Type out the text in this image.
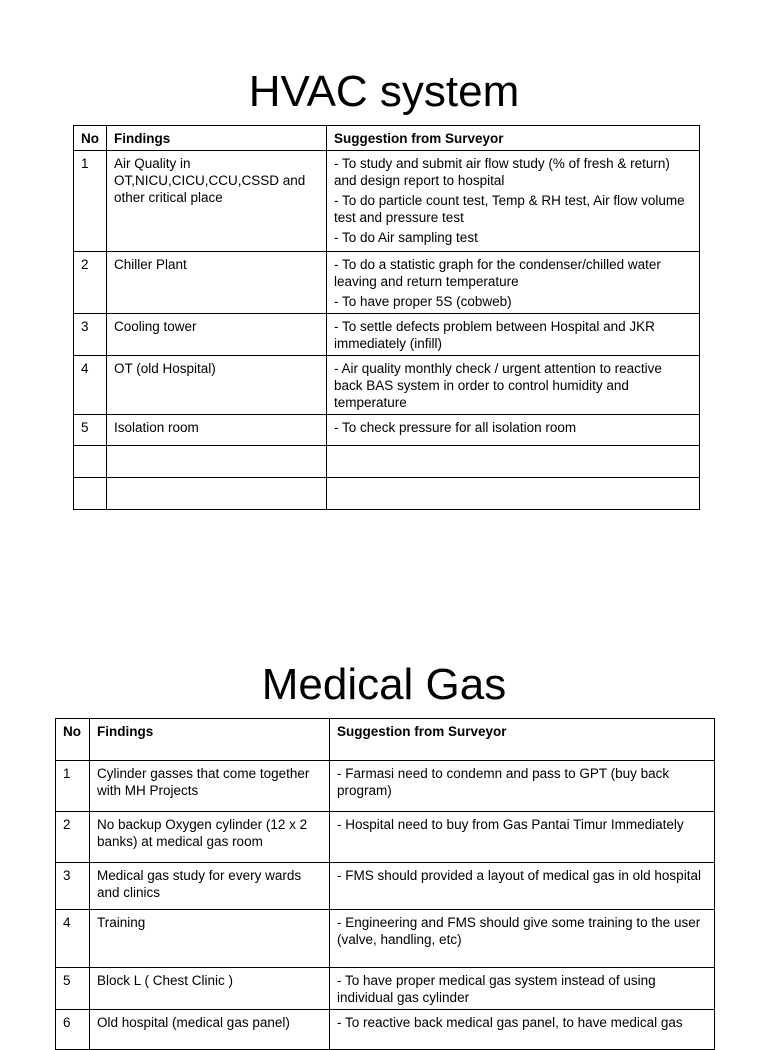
HVAC system
No	Findings	Suggestion from Surveyor
1	Air Quality in OT,NICU,CICU,CCU,CSSD and other critical place	- To study and submit air flow study (% of fresh & return) and design report to hospital
- To do particle count test, Temp & RH test, Air flow volume test and pressure test
- To do Air sampling test

2	Chiller Plant	- To do a statistic graph for the condenser/chilled water leaving and return temperature
- To have proper 5S (cobweb)

3	Cooling tower	- To settle defects problem between Hospital and JKR immediately (infill)

4	OT (old Hospital)	- Air quality monthly check / urgent attention to reactive back BAS system in order to control humidity and temperature

5	Isolation room	- To check pressure for all isolation room

Medical Gas
No	Findings	Suggestion from Surveyor
1	Cylinder gasses that come together with MH Projects	- Farmasi need to condemn and pass to GPT (buy back program)
2	No backup Oxygen cylinder (12 x 2 banks) at medical gas room	- Hospital need to buy from Gas Pantai Timur Immediately
3	Medical gas study for every wards and clinics	- FMS should provided a layout of medical gas in old hospital
4	Training	- Engineering and FMS should give some training to the user (valve, handling, etc)
5	Block L ( Chest Clinic )	- To have proper medical gas system instead of using individual gas cylinder
6	Old hospital (medical gas panel)	- To reactive back medical gas panel, to have medical gas
